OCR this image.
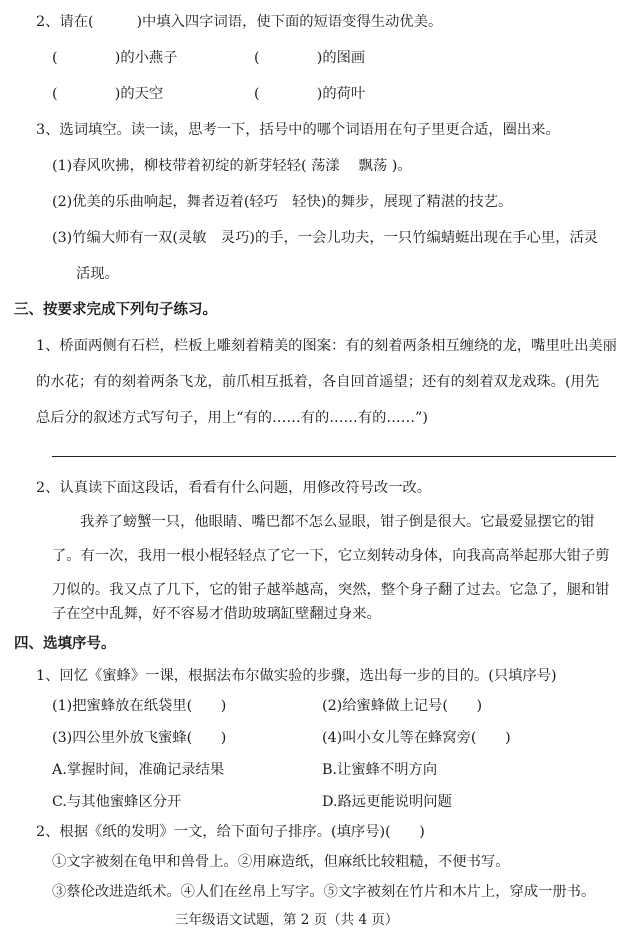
2、请在(　　　)中填入四字词语，使下面的短语变得生动优美。
(　　　　)的小燕子	(　　　　)的图画
(　　　　)的天空	(　　　　)的荷叶
3、选词填空。读一读，思考一下，括号中的哪个词语用在句子里更合适，圈出来。
(1)春风吹拂，柳枝带着初绽的新芽轻轻( 荡漾　 飘荡 )。
(2)优美的乐曲响起，舞者迈着(轻巧　轻快)的舞步，展现了精湛的技艺。
(3)竹编大师有一双(灵敏　灵巧)的手，一会儿功夫，一只竹编蜻蜓出现在手心里，活灵
活现。
三、按要求完成下列句子练习。
1、桥面两侧有石栏，栏板上雕刻着精美的图案：有的刻着两条相互缠绕的龙，嘴里吐出美丽
的水花；有的刻着两条飞龙，前爪相互抵着，各自回首遥望；还有的刻着双龙戏珠。(用先
总后分的叙述方式写句子，用上“有的……有的……有的……”)
2、认真读下面这段话，看看有什么问题，用修改符号改一改。
我养了螃蟹一只，他眼睛、嘴巴都不怎么显眼，钳子倒是很大。它最爱显摆它的钳
了。有一次，我用一根小棍轻轻点了它一下，它立刻转动身体，向我高高举起那大钳子剪
刀似的。我又点了几下，它的钳子越举越高，突然，整个身子翻了过去。它急了，腿和钳
子在空中乱舞，好不容易才借助玻璃缸壁翻过身来。
四、选填序号。
1、回忆《蜜蜂》一课，根据法布尔做实验的步骤，选出每一步的目的。(只填序号)
(1)把蜜蜂放在纸袋里(　　)	(2)给蜜蜂做上记号(　　)
(3)四公里外放飞蜜蜂(　　)	(4)叫小女儿等在蜂窝旁(　　)
A.掌握时间，准确记录结果	B.让蜜蜂不明方向
C.与其他蜜蜂区分开	D.路远更能说明问题
2、根据《纸的发明》一文，给下面句子排序。(填序号)(　　)
①文字被刻在龟甲和兽骨上。②用麻造纸，但麻纸比较粗糙，不便书写。
③蔡伦改进造纸术。④人们在丝帛上写字。⑤文字被刻在竹片和木片上，穿成一册书。
三年级语文试题，第 2 页（共 4 页）
